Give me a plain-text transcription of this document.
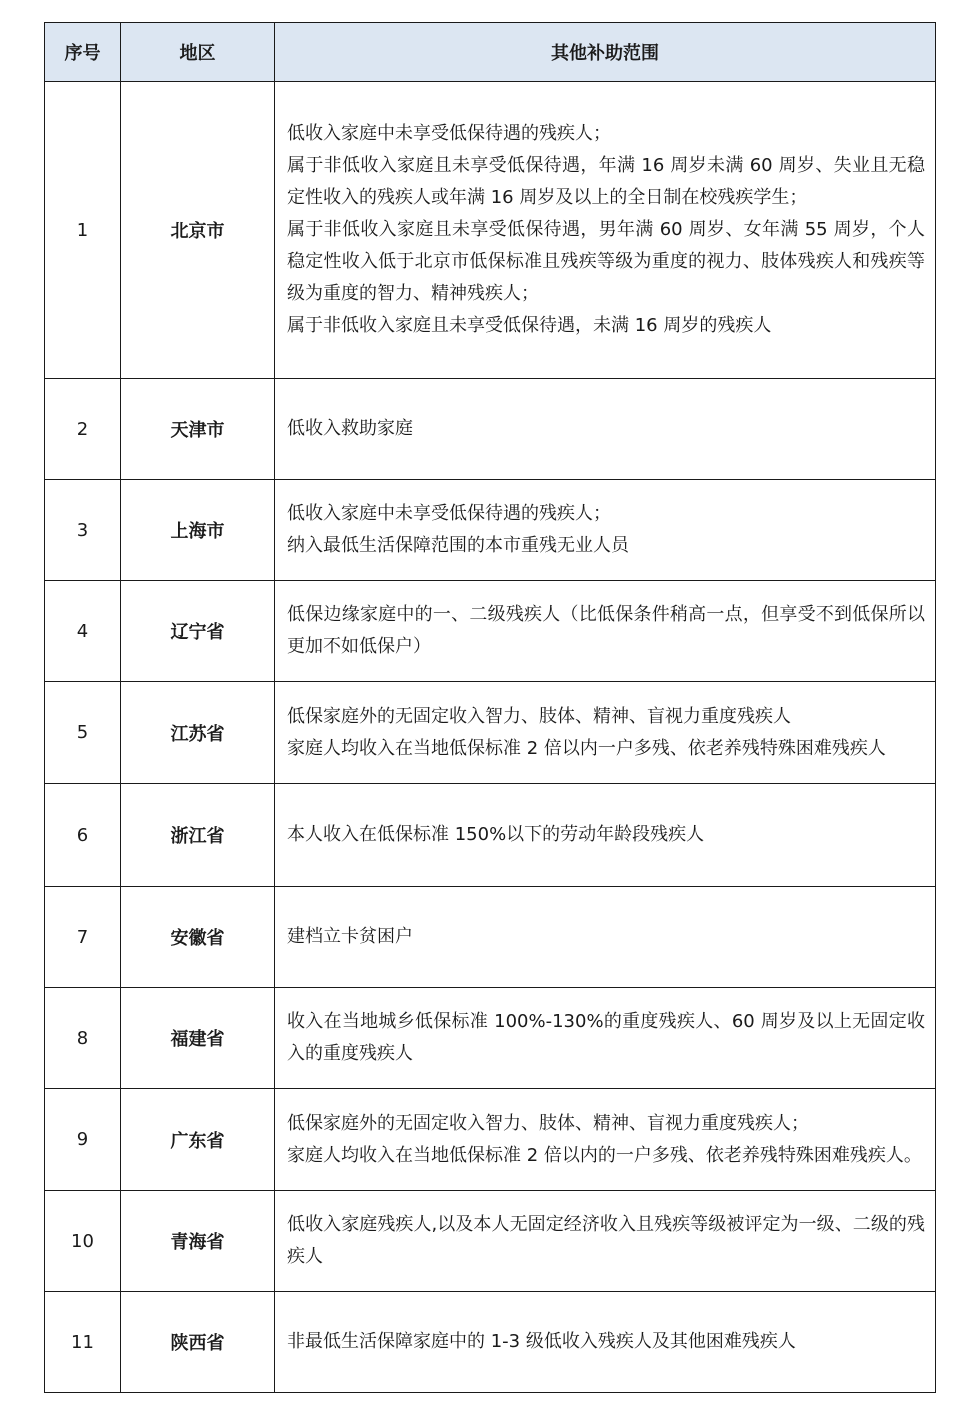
序号	地区	其他补助范围
1	北京市	低收入家庭中未享受低保待遇的残疾人；
属于非低收入家庭且未享受低保待遇，年满 16 周岁未满 60 周岁、失业且无稳定性收入的残疾人或年满 16 周岁及以上的全日制在校残疾学生；
属于非低收入家庭且未享受低保待遇，男年满 60 周岁、女年满 55 周岁，个人稳定性收入低于北京市低保标准且残疾等级为重度的视力、肢体残疾人和残疾等级为重度的智力、精神残疾人；
属于非低收入家庭且未享受低保待遇，未满 16 周岁的残疾人

2	天津市	低收入救助家庭

3	上海市	低收入家庭中未享受低保待遇的残疾人；
纳入最低生活保障范围的本市重残无业人员

4	辽宁省	低保边缘家庭中的一、二级残疾人（比低保条件稍高一点，但享受不到低保所以更加不如低保户）

5	江苏省	低保家庭外的无固定收入智力、肢体、精神、盲视力重度残疾人
家庭人均收入在当地低保标准 2 倍以内一户多残、依老养残特殊困难残疾人

6	浙江省	本人收入在低保标准 150%以下的劳动年龄段残疾人

7	安徽省	建档立卡贫困户

8	福建省	收入在当地城乡低保标准 100%-130%的重度残疾人、60 周岁及以上无固定收入的重度残疾人

9	广东省	低保家庭外的无固定收入智力、肢体、精神、盲视力重度残疾人；
家庭人均收入在当地低保标准 2 倍以内的一户多残、依老养残特殊困难残疾人。

10	青海省	低收入家庭残疾人,以及本人无固定经济收入且残疾等级被评定为一级、二级的残疾人

11	陕西省	非最低生活保障家庭中的 1-3 级低收入残疾人及其他困难残疾人
